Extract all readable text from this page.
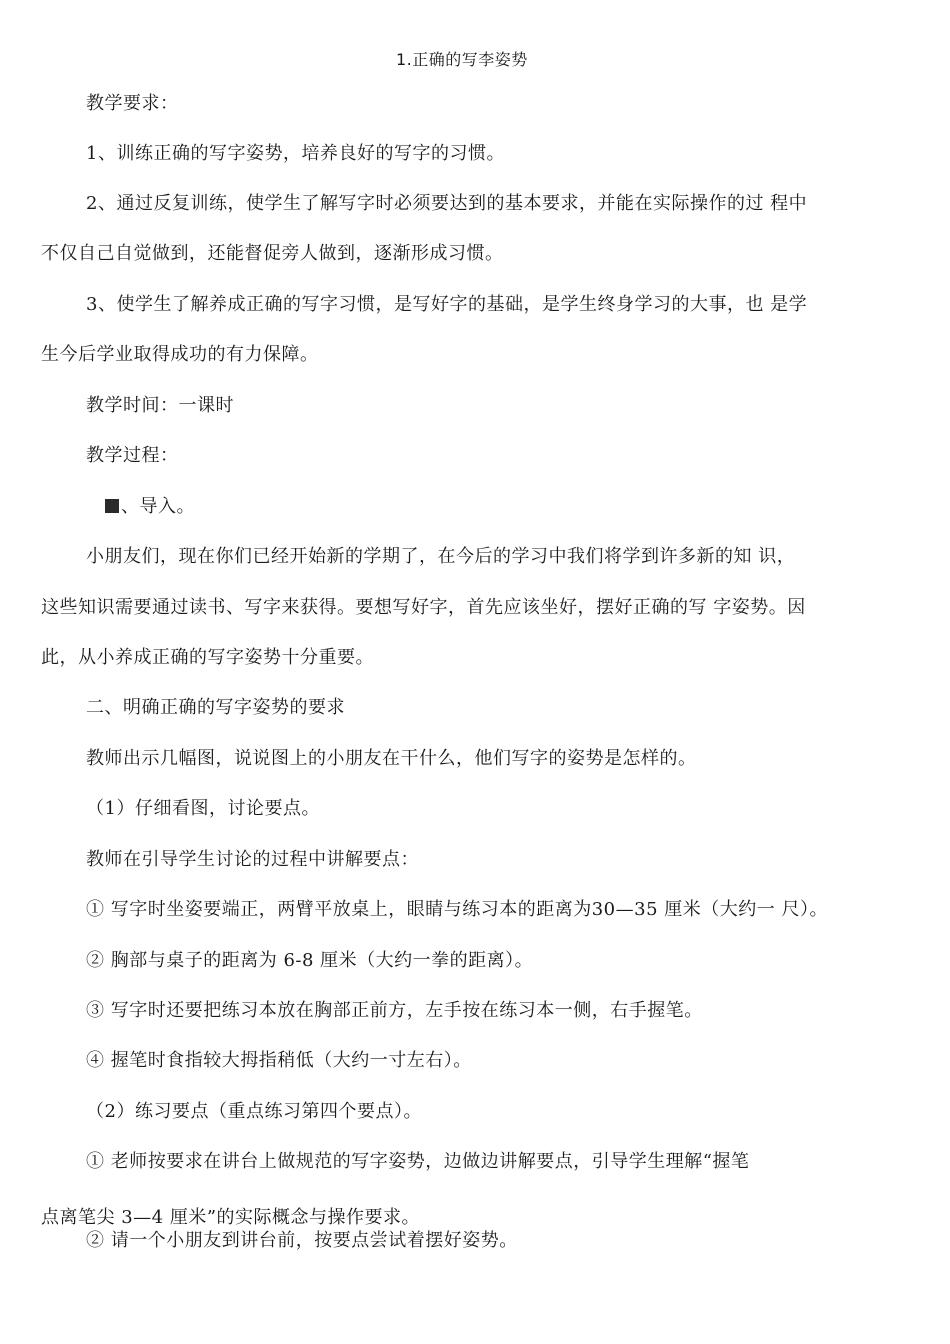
1.正确的写李姿势
教学要求：
1、训练正确的写字姿势，培养良好的写字的习惯。
2、通过反复训练，使学生了解写字时必须要达到的基本要求，并能在实际操作的过 程中
不仅自己自觉做到，还能督促旁人做到，逐渐形成习惯。
3、使学生了解养成正确的写字习惯，是写好字的基础，是学生终身学习的大事，也 是学
生今后学业取得成功的有力保障。
教学时间：一课时
教学过程：
、导入。
小朋友们，现在你们已经开始新的学期了，在今后的学习中我们将学到许多新的知 识，
这些知识需要通过读书、写字来获得。要想写好字，首先应该坐好，摆好正确的写 字姿势。因
此，从小养成正确的写字姿势十分重要。
二、明确正确的写字姿势的要求
教师出示几幅图，说说图上的小朋友在干什么，他们写字的姿势是怎样的。
（1）仔细看图，讨论要点。
教师在引导学生讨论的过程中讲解要点：
① 写字时坐姿要端正，两臂平放桌上，眼睛与练习本的距离为30—35 厘米（大约一 尺）。
② 胸部与桌子的距离为 6-8 厘米（大约一拳的距离）。
③ 写字时还要把练习本放在胸部正前方，左手按在练习本一侧，右手握笔。
④ 握笔时食指较大拇指稍低（大约一寸左右）。
（2）练习要点（重点练习第四个要点）。
① 老师按要求在讲台上做规范的写字姿势，边做边讲解要点，引导学生理解“握笔
点离笔尖 3—4 厘米”的实际概念与操作要求。
② 请一个小朋友到讲台前，按要点尝试着摆好姿势。
